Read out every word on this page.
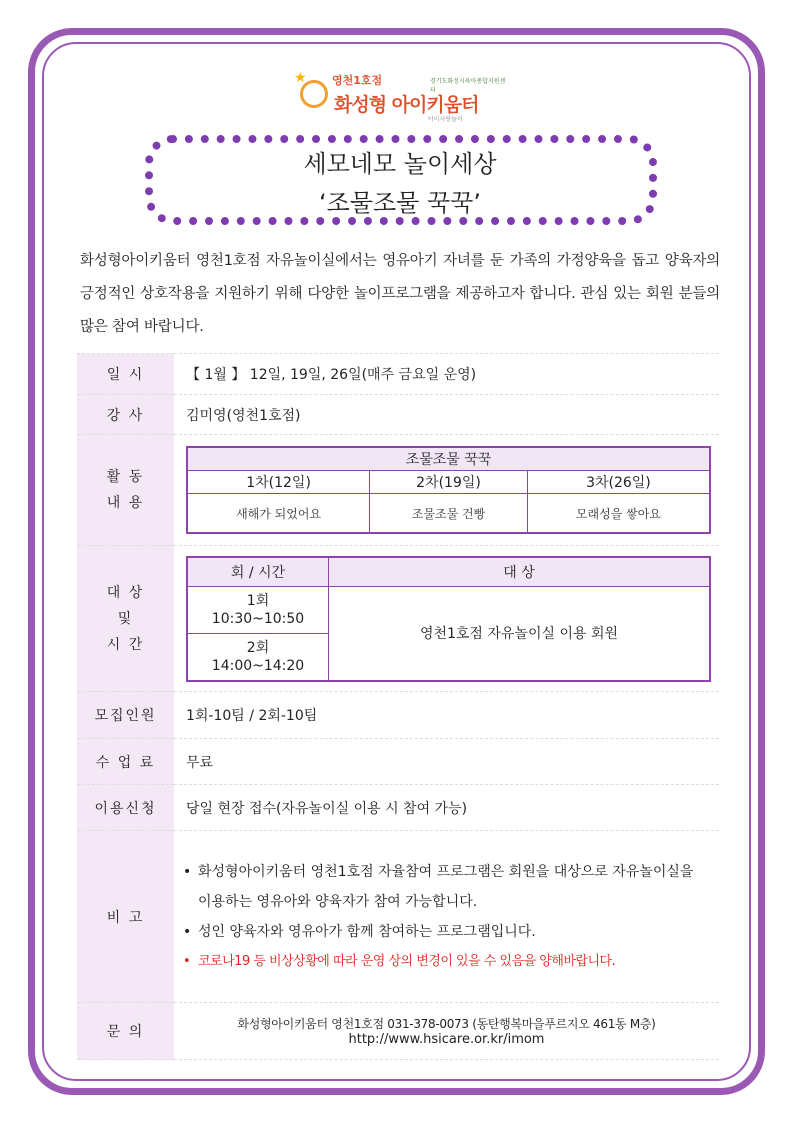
★ 영천1호점	경기도화성시육아종합지원센터
화성형 아이키움터
아이사랑놀이
세모네모 놀이세상
‘조물조물 꾹꾹’
화성형아이키움터 영천1호점 자유놀이실에서는 영유아기 자녀를 둔 가족의 가정양육을 돕고 양육자의 긍정적인 상호작용을 지원하기 위해 다양한 놀이프로그램을 제공하고자 합니다. 관심 있는 회원 분들의 많은 참여 바랍니다.
일 시	【 1월 】 12일, 19일, 26일(매주 금요일 운영)
강 사	김미영(영천1호점)

활 동
내 용

조물조물 꾹꾹
1차(12일)	2차(19일)	3차(26일)
새해가 되었어요	조물조물 건빵	모래성을 쌓아요

대 상
및
시 간

회 / 시간	대 상

1회
10:30~10:50
	영천1호점 자유놀이실 이용 회원

2회
14:00~14:20

모집인원	1회-10팀 / 2회-10팀
수 업 료	무료
이용신청	당일 현장 접수(자유놀이실 이용 시 참여 가능)
비 고	
• 화성형아이키움터 영천1호점 자율참여 프로그램은 회원을 대상으로 자유놀이실을 이용하는 영유아와 양육자가 참여 가능합니다.
• 성인 양육자와 영유아가 함께 참여하는 프로그램입니다.
• 코로나19 등 비상상황에 따라 운영 상의 변경이 있을 수 있음을 양해바랍니다.

문 의	화성형아이키움터 영천1호점 031-378-0073 (동탄행복마을푸르지오 461동 M층)
http://www.hsicare.or.kr/imom
